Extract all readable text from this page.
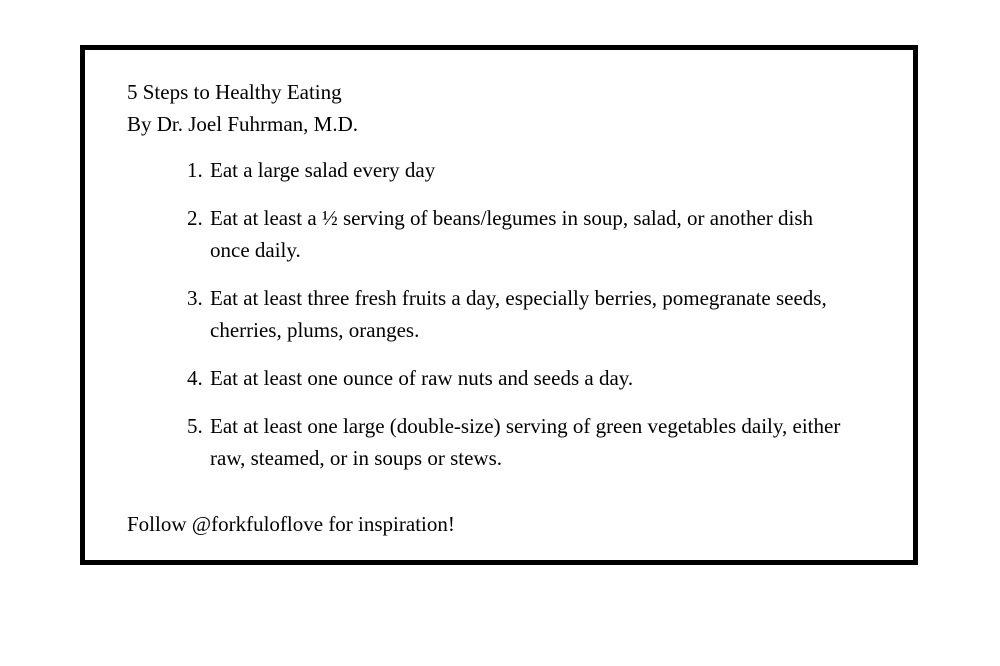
5 Steps to Healthy Eating
By Dr. Joel Fuhrman, M.D.
1. Eat a large salad every day
2. Eat at least a ½ serving of beans/legumes in soup, salad, or another dish once daily.
3. Eat at least three fresh fruits a day, especially berries, pomegranate seeds, cherries, plums, oranges.
4. Eat at least one ounce of raw nuts and seeds a day.
5. Eat at least one large (double-size) serving of green vegetables daily, either raw, steamed, or in soups or stews.
Follow @forkfuloflove for inspiration!
